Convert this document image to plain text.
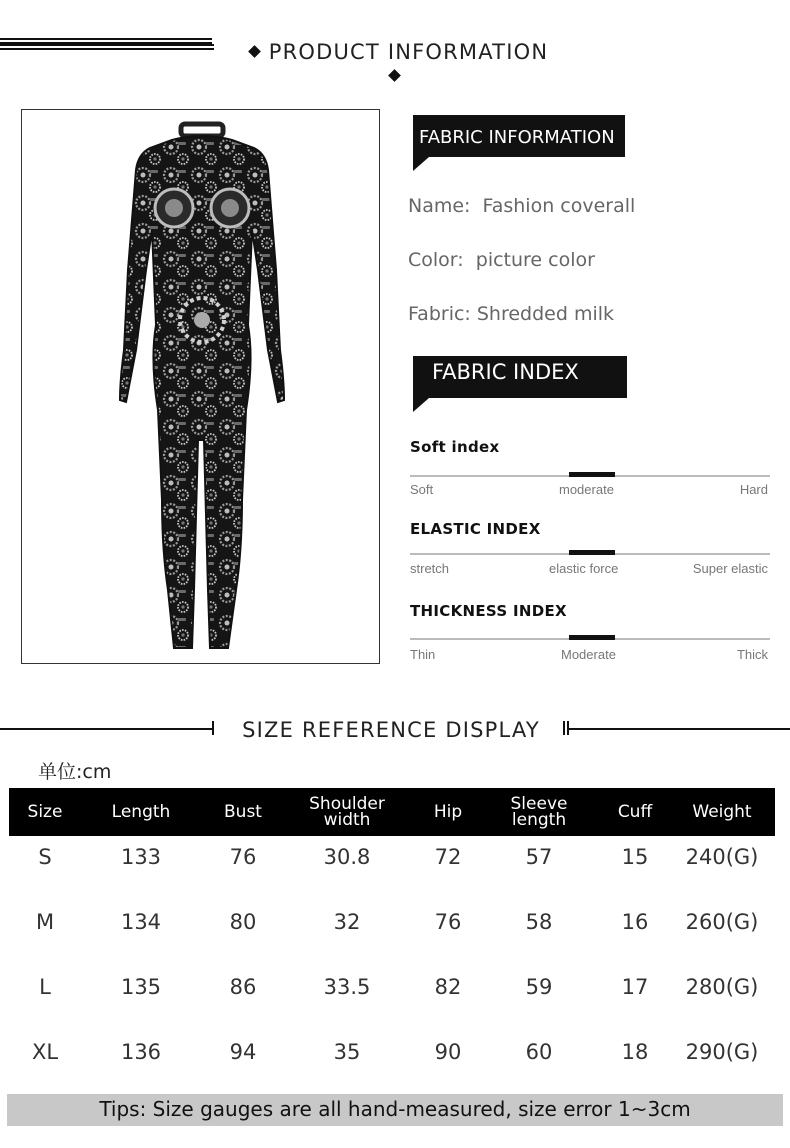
PRODUCT INFORMATION
FABRIC INFORMATION
Name:  Fashion coverall
Color:  picture color
Fabric: Shredded milk
FABRIC INDEX
Soft index
Soft	moderate	Hard
ELASTIC INDEX
stretch	elastic force	Super elastic
THICKNESS INDEX
Thin	Moderate	Thick
SIZE REFERENCE DISPLAY
单位:cm
Size	Length	Bust	Shoulder width	Hip	Sleeve length	Cuff	Weight
S	133	76	30.8	72	57	15	240(G)
M	134	80	32	76	58	16	260(G)
L	135	86	33.5	82	59	17	280(G)
XL	136	94	35	90	60	18	290(G)
Tips: Size gauges are all hand-measured, size error 1~3cm
